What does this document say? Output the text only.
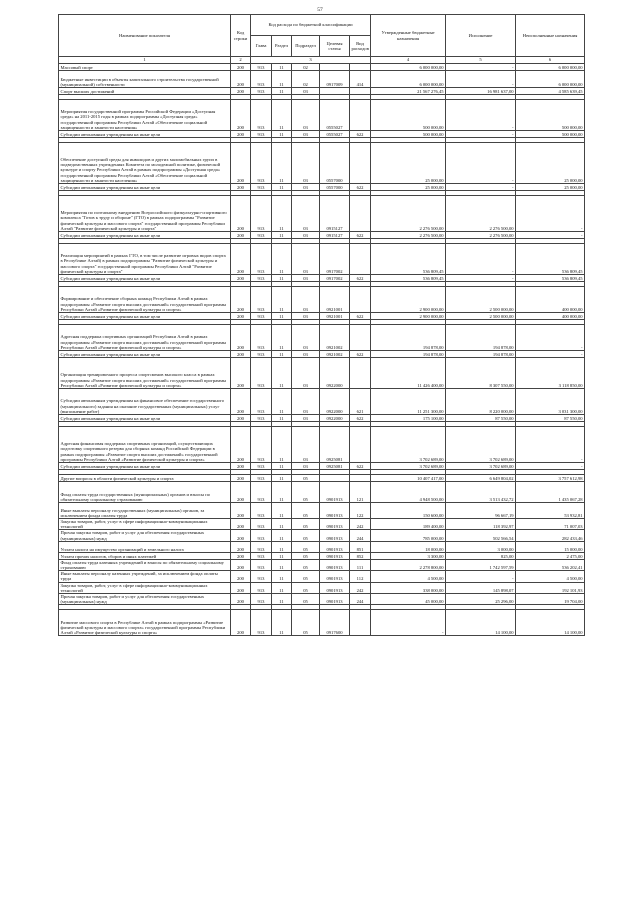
57
Наименование показателя	Код строки	Код расхода по бюджетной классификации					Утвержденные бюджетные назначения	Исполнение	Неисполненные назначения
		Глава	Раздел	Подраздел	Целевая статья	Вид расходов			
1	2	3					4	5	6
Массовый спорт	200	913	11	02			6 000 000,00	-	6 000 000,00
Бюджетные инвестиции в объекты капитального строительства государственной (муниципальной) собственности	200	913	11	02	0917009	414	6 000 000,00	-	6 000 000,00
Спорт высших достижений	200	913	11	03			21 567 276,45	16 981 637,00	4 585 639,45

Мероприятия государственной программы Российской Федерации «Доступная среда» на 2011-2015 годы в рамках подпрограммы «Доступная среда» государственной программы Республики Алтай «Обеспечение социальной защищенности и занятости населения»	200	913	11	03	0555027		500 000,00	-	500 000,00
Субсидии автономным учреждениям на иные цели	200	913	11	03	0555027	622	500 000,00	-	500 000,00

Обеспечение доступной среды для инвалидов и других маломобильных групп в подведомственных учреждениях Комитета по молодежной политике, физической культуре и спорту Республики Алтай в рамках подпрограммы «Доступная среда» государственной программы Республики Алтай «Обеспечение социальной защищенности и занятости населения»	200	913	11	03	0557000		25 000,00	-	25 000,00
Субсидии автономным учреждениям на иные цели	200	913	11	03	0557000	622	25 000,00	-	25 000,00

Мероприятия по поэтапному внедрению Всероссийского физкультурно-спортивного комплекса "Готов к труду и обороне" (ГТО) в рамках подпрограммы "Развитие физической культуры и массового спорта" государственной программы Республики Алтай "Развитие физической культуры и спорта"	200	913	11	03	0915127		2 276 500,00	2 276 500,00	-
Субсидии автономным учреждениям на иные цели	200	913	11	03	0915127	622	2 276 500,00	2 276 500,00	-

Реализация мероприятий в рамках ГТО, в том числе развитие игровых видов спорта в Республике Алтай) в рамках подпрограммы "Развитие физической культуры и массового спорта" государственной программы Республики Алтай "Развитие физической культуры и спорта"	200	913	11	03	0917002		536 809,45	-	536 809,45
Субсидии автономным учреждениям на иные цели	200	913	11	03	0917002	622	536 809,45	-	536 809,45

Формирование и обеспечение сборных команд Республики Алтай в рамках подпрограммы «Развитие спорта высших достижений» государственной программы Республики Алтай «Развитие физической культуры и спорта»	200	913	11	03	0921001		2 900 000,00	2 500 000,00	400 000,00
Субсидии автономным учреждениям на иные цели	200	913	11	03	0921001	622	2 900 000,00	2 500 000,00	400 000,00

Адресная поддержка спортивных организаций Республики Алтай в рамках подпрограммы «Развитие спорта высших достижений» государственной программы Республики Алтай «Развитие физической культуры и спорта»	200	913	11	03	0921002		194 878,00	194 878,00	-
Субсидии автономным учреждениям на иные цели	200	913	11	03	0921002	622	194 878,00	194 878,00	-
Организация тренировочного процесса спортсменов высокого класса в рамках подпрограммы «Развитие спорта высших достижений» государственной программы Республики Алтай «Развитие физической культуры и спорта»	200	913	11	03	0922000		11 426 400,00	8 307 550,00	3 118 850,00
Субсидии автономным учреждениям на финансовое обеспечение государственного (муниципального) задания на оказание государственных (муниципальных) услуг (выполнение работ)	200	913	11	03	0922000	621	11 251 300,00	8 220 000,00	3 031 300,00
Субсидии автономным учреждениям на иные цели	200	913	11	03	0922000	622	175 100,00	87 550,00	87 550,00

Адресная финансовая поддержка спортивных организаций, осуществляющих подготовку спортивного резерва для сборных команд Российской Федерации в рамках подпрограммы «Развитие спорта высших достижений» государственной программы Республики Алтай «Развитие физической культуры и спорта»	200	913	11	03	0925081		3 702 689,00	3 702 689,00	-
Субсидии автономным учреждениям на иные цели	200	913	11	03	0925081	622	3 702 689,00	3 702 689,00	-

Другие вопросы в области физической культуры и спорта	200	913	11	05			10 407 417,00	6 649 804,02	3 757 612,98
Фонд оплаты труда государственных (муниципальных) органов и взносы по обязательному социальному страхованию	200	913	11	05	0901913	121	4 948 500,00	3 513 432,72	1 435 067,28
Иные выплаты персоналу государственных (муниципальных) органов, за исключением фонда оплаты труда	200	913	11	05	0901913	122	150 600,00	96 667,19	53 932,81
Закупка товаров, работ, услуг в сфере информационно-коммуникационных технологий	200	913	11	05	0901913	242	189 400,00	118 392,97	71 007,03
Прочая закупка товаров, работ и услуг для обеспечения государственных (муниципальных) нужд	200	913	11	05	0901913	244	785 000,00	502 566,54	282 433,46
Уплата налога на имущество организаций и земельного налога	200	913	11	05	0901913	851	18 000,00	3 000,00	15 000,00
Уплата прочих налогов, сборов и иных платежей	200	913	11	05	0901913	852	3 300,00	825,00	2 475,00
Фонд оплаты труда казенных учреждений и взносы по обязательному социальному страхованию	200	913	11	05	0901913	111	2 278 800,00	1 742 597,59	536 202,41
Иные выплаты персоналу казенных учреждений, за исключением фонда оплаты труда	200	913	11	05	0901913	112	4 500,00	-	4 500,00
Закупка товаров, работ, услуг в сфере информационно-коммуникационных технологий	200	913	11	05	0901913	242	338 000,00	145 898,07	192 101,93
Прочая закупка товаров, работ и услуг для обеспечения государственных (муниципальных) нужд	200	913	11	05	0901913	244	45 000,00	25 296,00	19 704,00

Развитие массового спорта в Республике Алтай в рамках подпрограммы «Развитие физической культуры и массового спорта» государственной программы Республики Алтай «Развитие физической культуры и спорта»	200	913	11	05	0917600		-	14 100,00	14 100,00
